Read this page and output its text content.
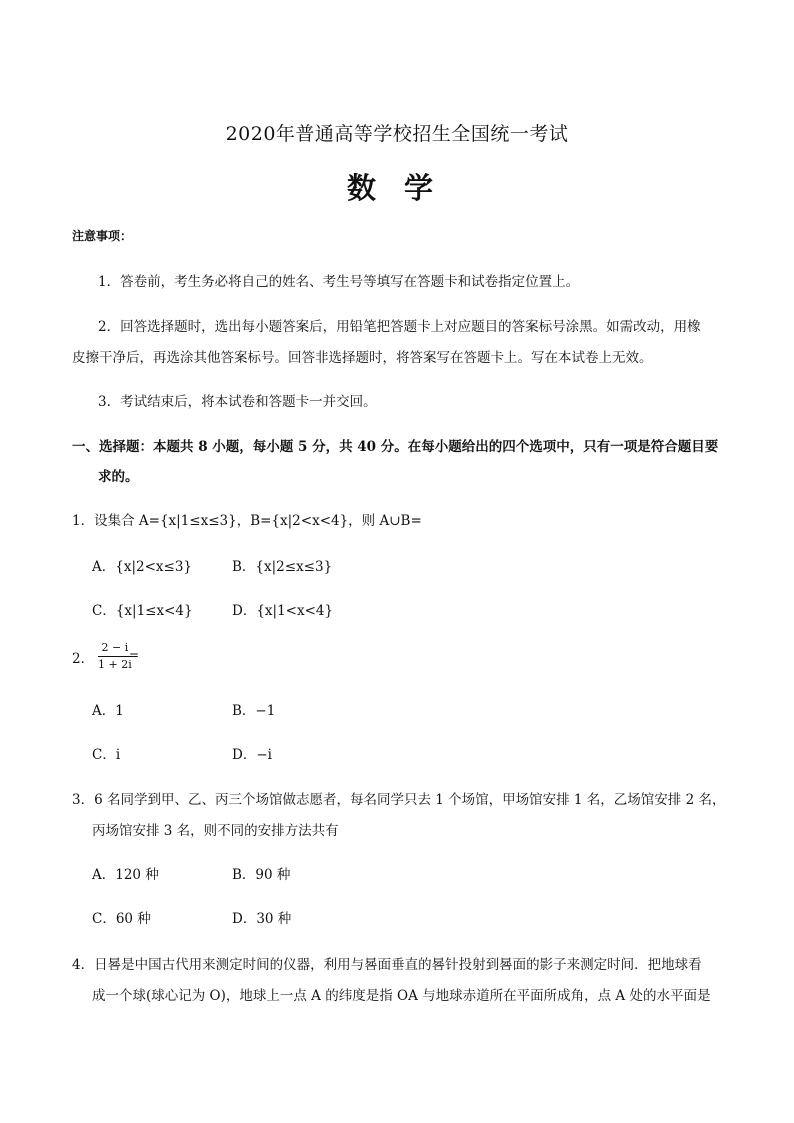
2020年普通高等学校招生全国统一考试
数学
注意事项：
1．答卷前，考生务必将自己的姓名、考生号等填写在答题卡和试卷指定位置上。
2．回答选择题时，选出每小题答案后，用铅笔把答题卡上对应题目的答案标号涂黑。如需改动，用橡
皮擦干净后，再选涂其他答案标号。回答非选择题时，将答案写在答题卡上。写在本试卷上无效。
3．考试结束后，将本试卷和答题卡一并交回。
一、选择题：本题共 8 小题，每小题 5 分，共 40 分。在每小题给出的四个选项中，只有一项是符合题目要
求的。
1．设集合 A={x|1≤x≤3}，B={x|2<x<4}，则 A∪B=
A．{x|2<x≤3}	B．{x|2≤x≤3}
C．{x|1≤x<4}	D．{x|1<x<4}
2． $\frac{2 - i}{1 + 2i}$
=
A．1	B．−1
C．i	D．−i
3．6 名同学到甲、乙、丙三个场馆做志愿者，每名同学只去 1 个场馆，甲场馆安排 1 名，乙场馆安排 2 名，
丙场馆安排 3 名，则不同的安排方法共有
A．120 种	B．90 种
C．60 种	D．30 种
4．日晷是中国古代用来测定时间的仪器，利用与晷面垂直的晷针投射到晷面的影子来测定时间．把地球看
成一个球(球心记为 O)，地球上一点 A 的纬度是指 OA 与地球赤道所在平面所成角，点 A 处的水平面是
